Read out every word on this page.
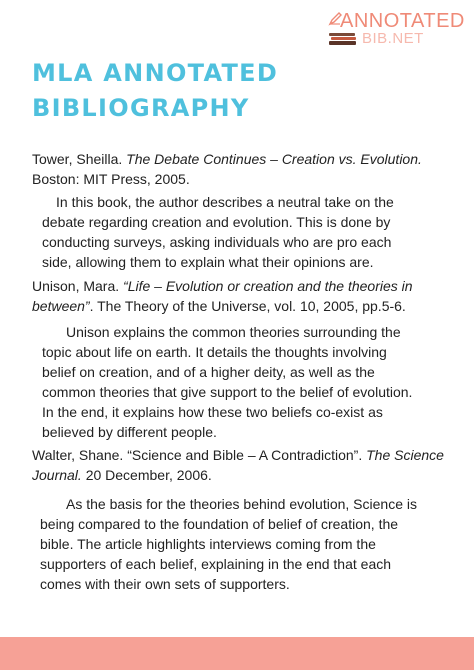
ANNOTATED
BIB.NET
MLA ANNOTATED
BIBLIOGRAPHY

Tower, Sheilla. The Debate Continues – Creation vs. Evolution.
Boston: MIT Press, 2005.

In this book, the author describes a neutral take on the
debate regarding creation and evolution. This is done by
conducting surveys, asking individuals who are pro each
side, allowing them to explain what their opinions are.

Unison, Mara. “Life – Evolution or creation and the theories in
between”. The Theory of the Universe, vol. 10, 2005, pp.5-6.

Unison explains the common theories surrounding the
topic about life on earth. It details the thoughts involving
belief on creation, and of a higher deity, as well as the
common theories that give support to the belief of evolution.
In the end, it explains how these two beliefs co-exist as
believed by different people.

Walter, Shane. “Science and Bible – A Contradiction”. The Science
Journal. 20 December, 2006.

As the basis for the theories behind evolution, Science is
being compared to the foundation of belief of creation, the
bible. The article highlights interviews coming from the
supporters of each belief, explaining in the end that each
comes with their own sets of supporters.
